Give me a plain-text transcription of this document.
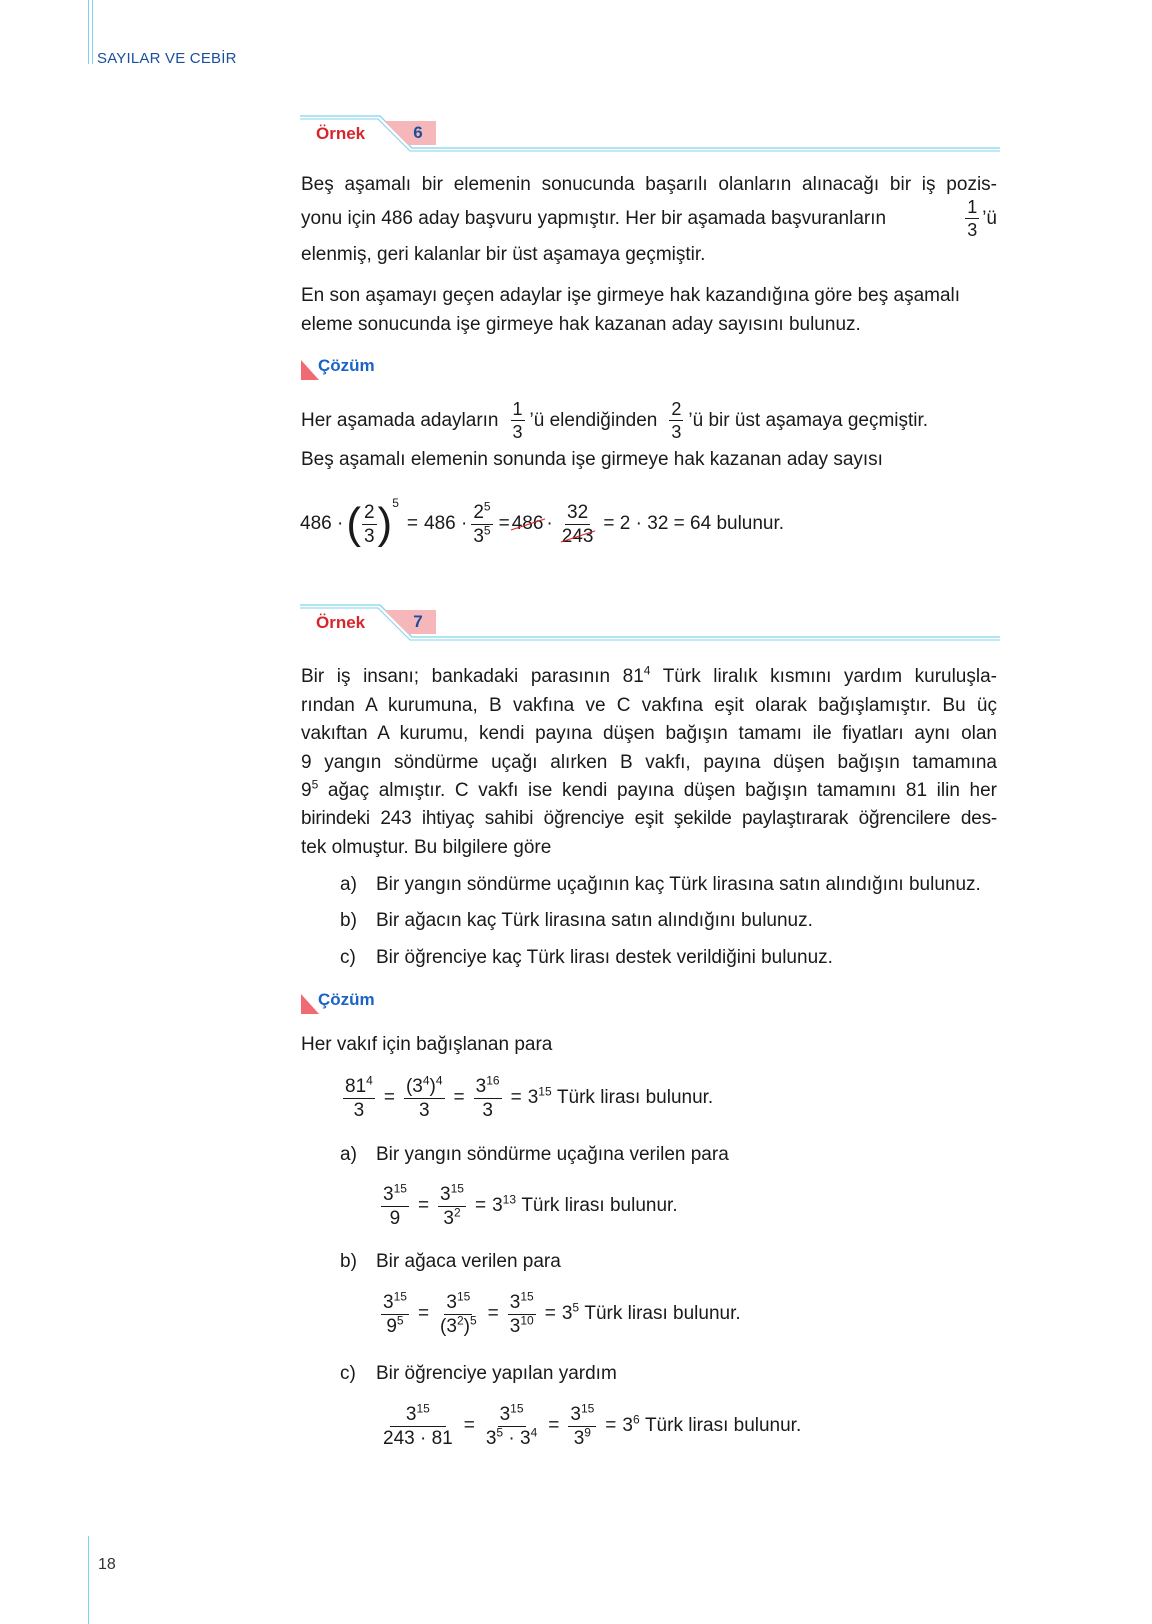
SAYILAR VE CEBİR
Örnek	6
Beş aşamalı bir elemenin sonucunda başarılı olanların alınacağı bir iş pozis-
yonu için 486 aday başvuru yapmıştır. Her bir aşamada başvuranların	$\frac{1}{3}$ ’ü
elenmiş, geri kalanlar bir üst aşamaya geçmiştir.
En son aşamayı geçen adaylar işe girmeye hak kazandığına göre beş aşamalı eleme sonucunda işe girmeye hak kazanan aday sayısını bulunuz.
Çözüm
Her aşamada adayların $\frac{1}{3}$ ’ü elendiğinden $\frac{2}{3}$ ’ü bir üst aşamaya geçmiştir.
Beş aşamalı elemenin sonunda işe girmeye hak kazanan aday sayısı
486 · ( $\frac{2}{3}$ ) 5
= $486 \cdot \frac{2^5}{3^5} = 486 \cdot \frac{32}{243} = 2 \cdot 32 = 64$ bulunur.
Örnek	7
Bir iş insanı; bankadaki parasının $81^4$ Türk liralık kısmını yardım kuruluşla-
rından A kurumuna, B vakfına ve C vakfına eşit olarak bağışlamıştır. Bu üç
vakıftan A kurumu, kendi payına düşen bağışın tamamı ile fiyatları aynı olan
9 yangın söndürme uçağı alırken B vakfı, payına düşen bağışın tamamına
$9^5$ ağaç almıştır. C vakfı ise kendi payına düşen bağışın tamamını 81 ilin her
birindeki 243 ihtiyaç sahibi öğrenciye eşit şekilde paylaştırarak öğrencilere des-
tek olmuştur. Bu bilgilere göre
a) Bir yangın söndürme uçağının kaç Türk lirasına satın alındığını bulunuz.
b) Bir ağacın kaç Türk lirasına satın alındığını bulunuz.
c) Bir öğrenciye kaç Türk lirası destek verildiğini bulunuz.
Çözüm
Her vakıf için bağışlanan para
$\frac{81^4}{3} = \frac{(3^4)^4}{3} = \frac{3^{16}}{3} = 3^{15}$ Türk lirası bulunur.
a) Bir yangın söndürme uçağına verilen para
$\frac{3^{15}}{9} = \frac{3^{15}}{3^2} = 3^{13}$ Türk lirası bulunur.
b) Bir ağaca verilen para
$\frac{3^{15}}{9^5} = \frac{3^{15}}{(3^2)^5} = \frac{3^{15}}{3^{10}} = 3^5$ Türk lirası bulunur.
c) Bir öğrenciye yapılan yardım
$\frac{3^{15}}{243 \cdot 81} = \frac{3^{15}}{3^5 \cdot 3^4} = \frac{3^{15}}{3^9} = 3^6$ Türk lirası bulunur.
18
